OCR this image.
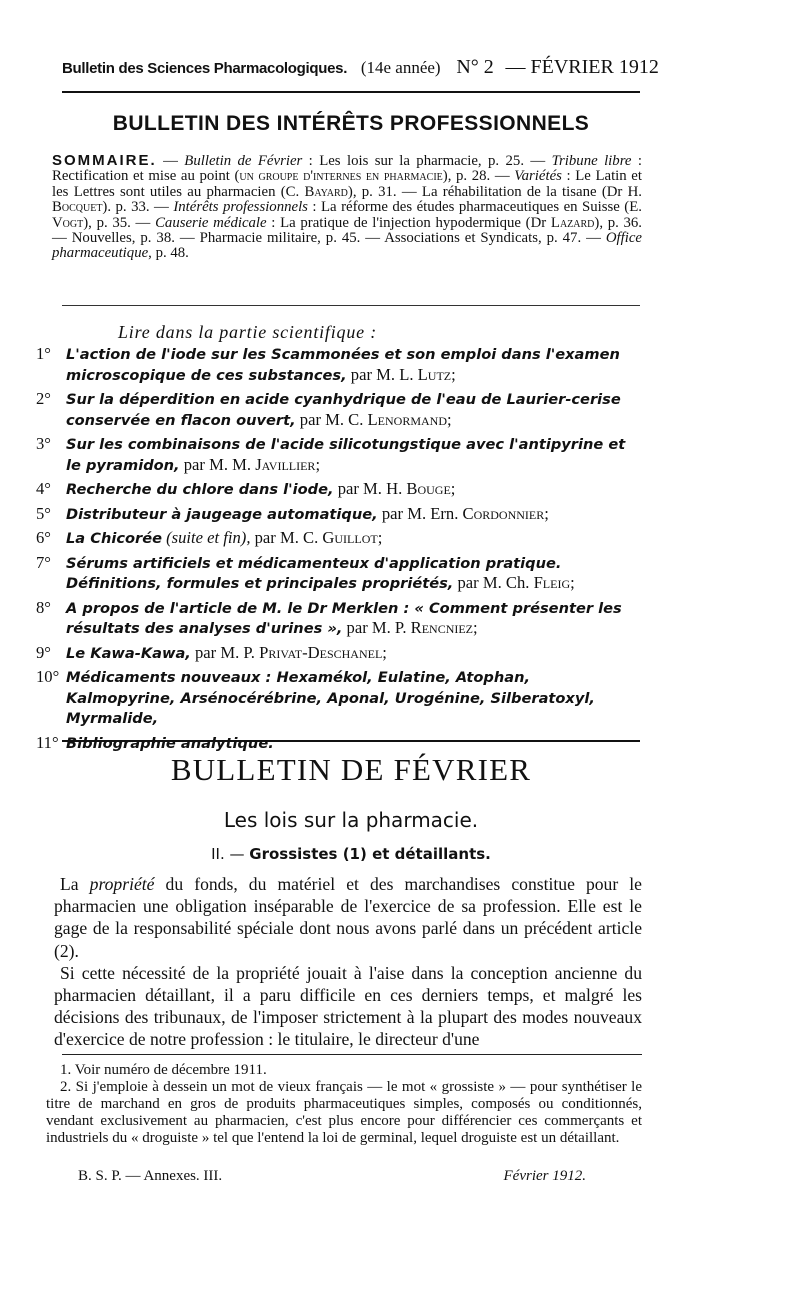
Bulletin des Sciences Pharmacologiques. (14e année) N° 2 — FÉVRIER 1912
BULLETIN DES INTÉRÊTS PROFESSIONNELS
SOMMAIRE. — Bulletin de Février : Les lois sur la pharmacie, p. 25. — Tribune libre : Rectification et mise au point (un groupe d'internes en pharmacie), p. 28. — Variétés : Le Latin et les Lettres sont utiles au pharmacien (C. Bayard), p. 31. — La réhabilitation de la tisane (Dr H. Bocquet). p. 33. — Intérêts professionnels : La réforme des études pharmaceutiques en Suisse (E. Vogt), p. 35. — Causerie médicale : La pratique de l'injection hypodermique (Dr Lazard), p. 36. — Nouvelles, p. 38. — Pharmacie militaire, p. 45. — Associations et Syndicats, p. 47. — Office pharmaceutique, p. 48.
Lire dans la partie scientifique :
1°	L'action de l'iode sur les Scammonées et son emploi dans l'examen microscopique de ces substances, par M. L. Lutz;
2°	Sur la déperdition en acide cyanhydrique de l'eau de Laurier-cerise conservée en flacon ouvert, par M. C. Lenormand;
3°	Sur les combinaisons de l'acide silicotungstique avec l'antipyrine et le pyramidon, par M. M. Javillier;
4°	Recherche du chlore dans l'iode, par M. H. Bouge;
5°	Distributeur à jaugeage automatique, par M. Ern. Cordonnier;
6°	La Chicorée (suite et fin), par M. C. Guillot;
7°	Sérums artificiels et médicamenteux d'application pratique. Définitions, formules et principales propriétés, par M. Ch. Fleig;
8°	A propos de l'article de M. le Dr Merklen : « Comment présenter les résultats des analyses d'urines », par M. P. Rencniez;
9°	Le Kawa-Kawa, par M. P. Privat-Deschanel;
10° Médicaments nouveaux : Hexamékol, Eulatine, Atophan, Kalmopyrine, Arsénocérébrine, Aponal, Urogénine, Silberatoxyl, Myrmalide,
11° Bibliographie analytique.
BULLETIN DE FÉVRIER
Les lois sur la pharmacie.
II. — Grossistes (1) et détaillants.

La propriété du fonds, du matériel et des marchandises constitue pour le pharmacien une obligation inséparable de l'exercice de sa profession. Elle est le gage de la responsabilité spéciale dont nous avons parlé dans un précédent article (2).

Si cette nécessité de la propriété jouait à l'aise dans la conception ancienne du pharmacien détaillant, il a paru difficile en ces derniers temps, et malgré les décisions des tribunaux, de l'imposer strictement à la plupart des modes nouveaux d'exercice de notre profession : le titulaire, le directeur d'une

1. Voir numéro de décembre 1911.

2. Si j'emploie à dessein un mot de vieux français — le mot « grossiste » — pour synthétiser le titre de marchand en gros de produits pharmaceutiques simples, composés ou conditionnés, vendant exclusivement au pharmacien, c'est plus encore pour différencier ces commerçants et industriels du « droguiste » tel que l'entend la loi de germinal, lequel droguiste est un détaillant.

B. S. P. — Annexes. III.	Février 1912.
